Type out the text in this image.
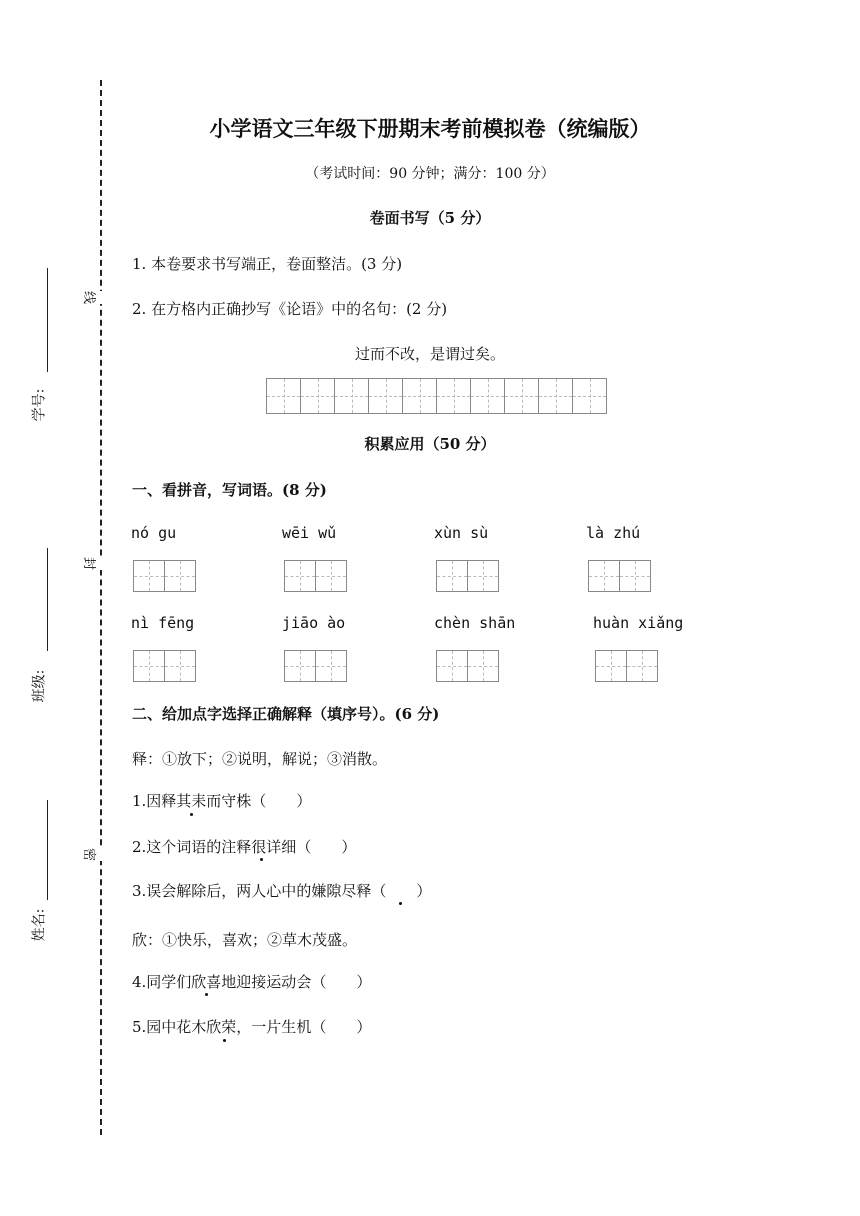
线
封
密
学号:
班级:
姓名:
小学语文三年级下册期末考前模拟卷（统编版）
（考试时间：90 分钟；满分：100 分）
卷面书写（5 分）
1. 本卷要求书写端正，卷面整洁。(3 分)
2. 在方格内正确抄写《论语》中的名句：(2 分)
过而不改，是谓过矣。
积累应用（50 分）
一、看拼音，写词语。(8 分)
nó gu	wēi wǔ	xùn sù	là zhú
nì fēng	jiāo ào	chèn shān	huàn xiǎng
二、给加点字选择正确解释（填序号）。(6 分)
释：①放下；②说明，解说；③消散。
1.因释其耒而守株（　　）
2.这个词语的注释很详细（　　）
3.误会解除后，两人心中的嫌隙尽释（　　）
欣：①快乐，喜欢；②草木茂盛。
4.同学们欣喜地迎接运动会（　　）
5.园中花木欣荣，一片生机（　　）
